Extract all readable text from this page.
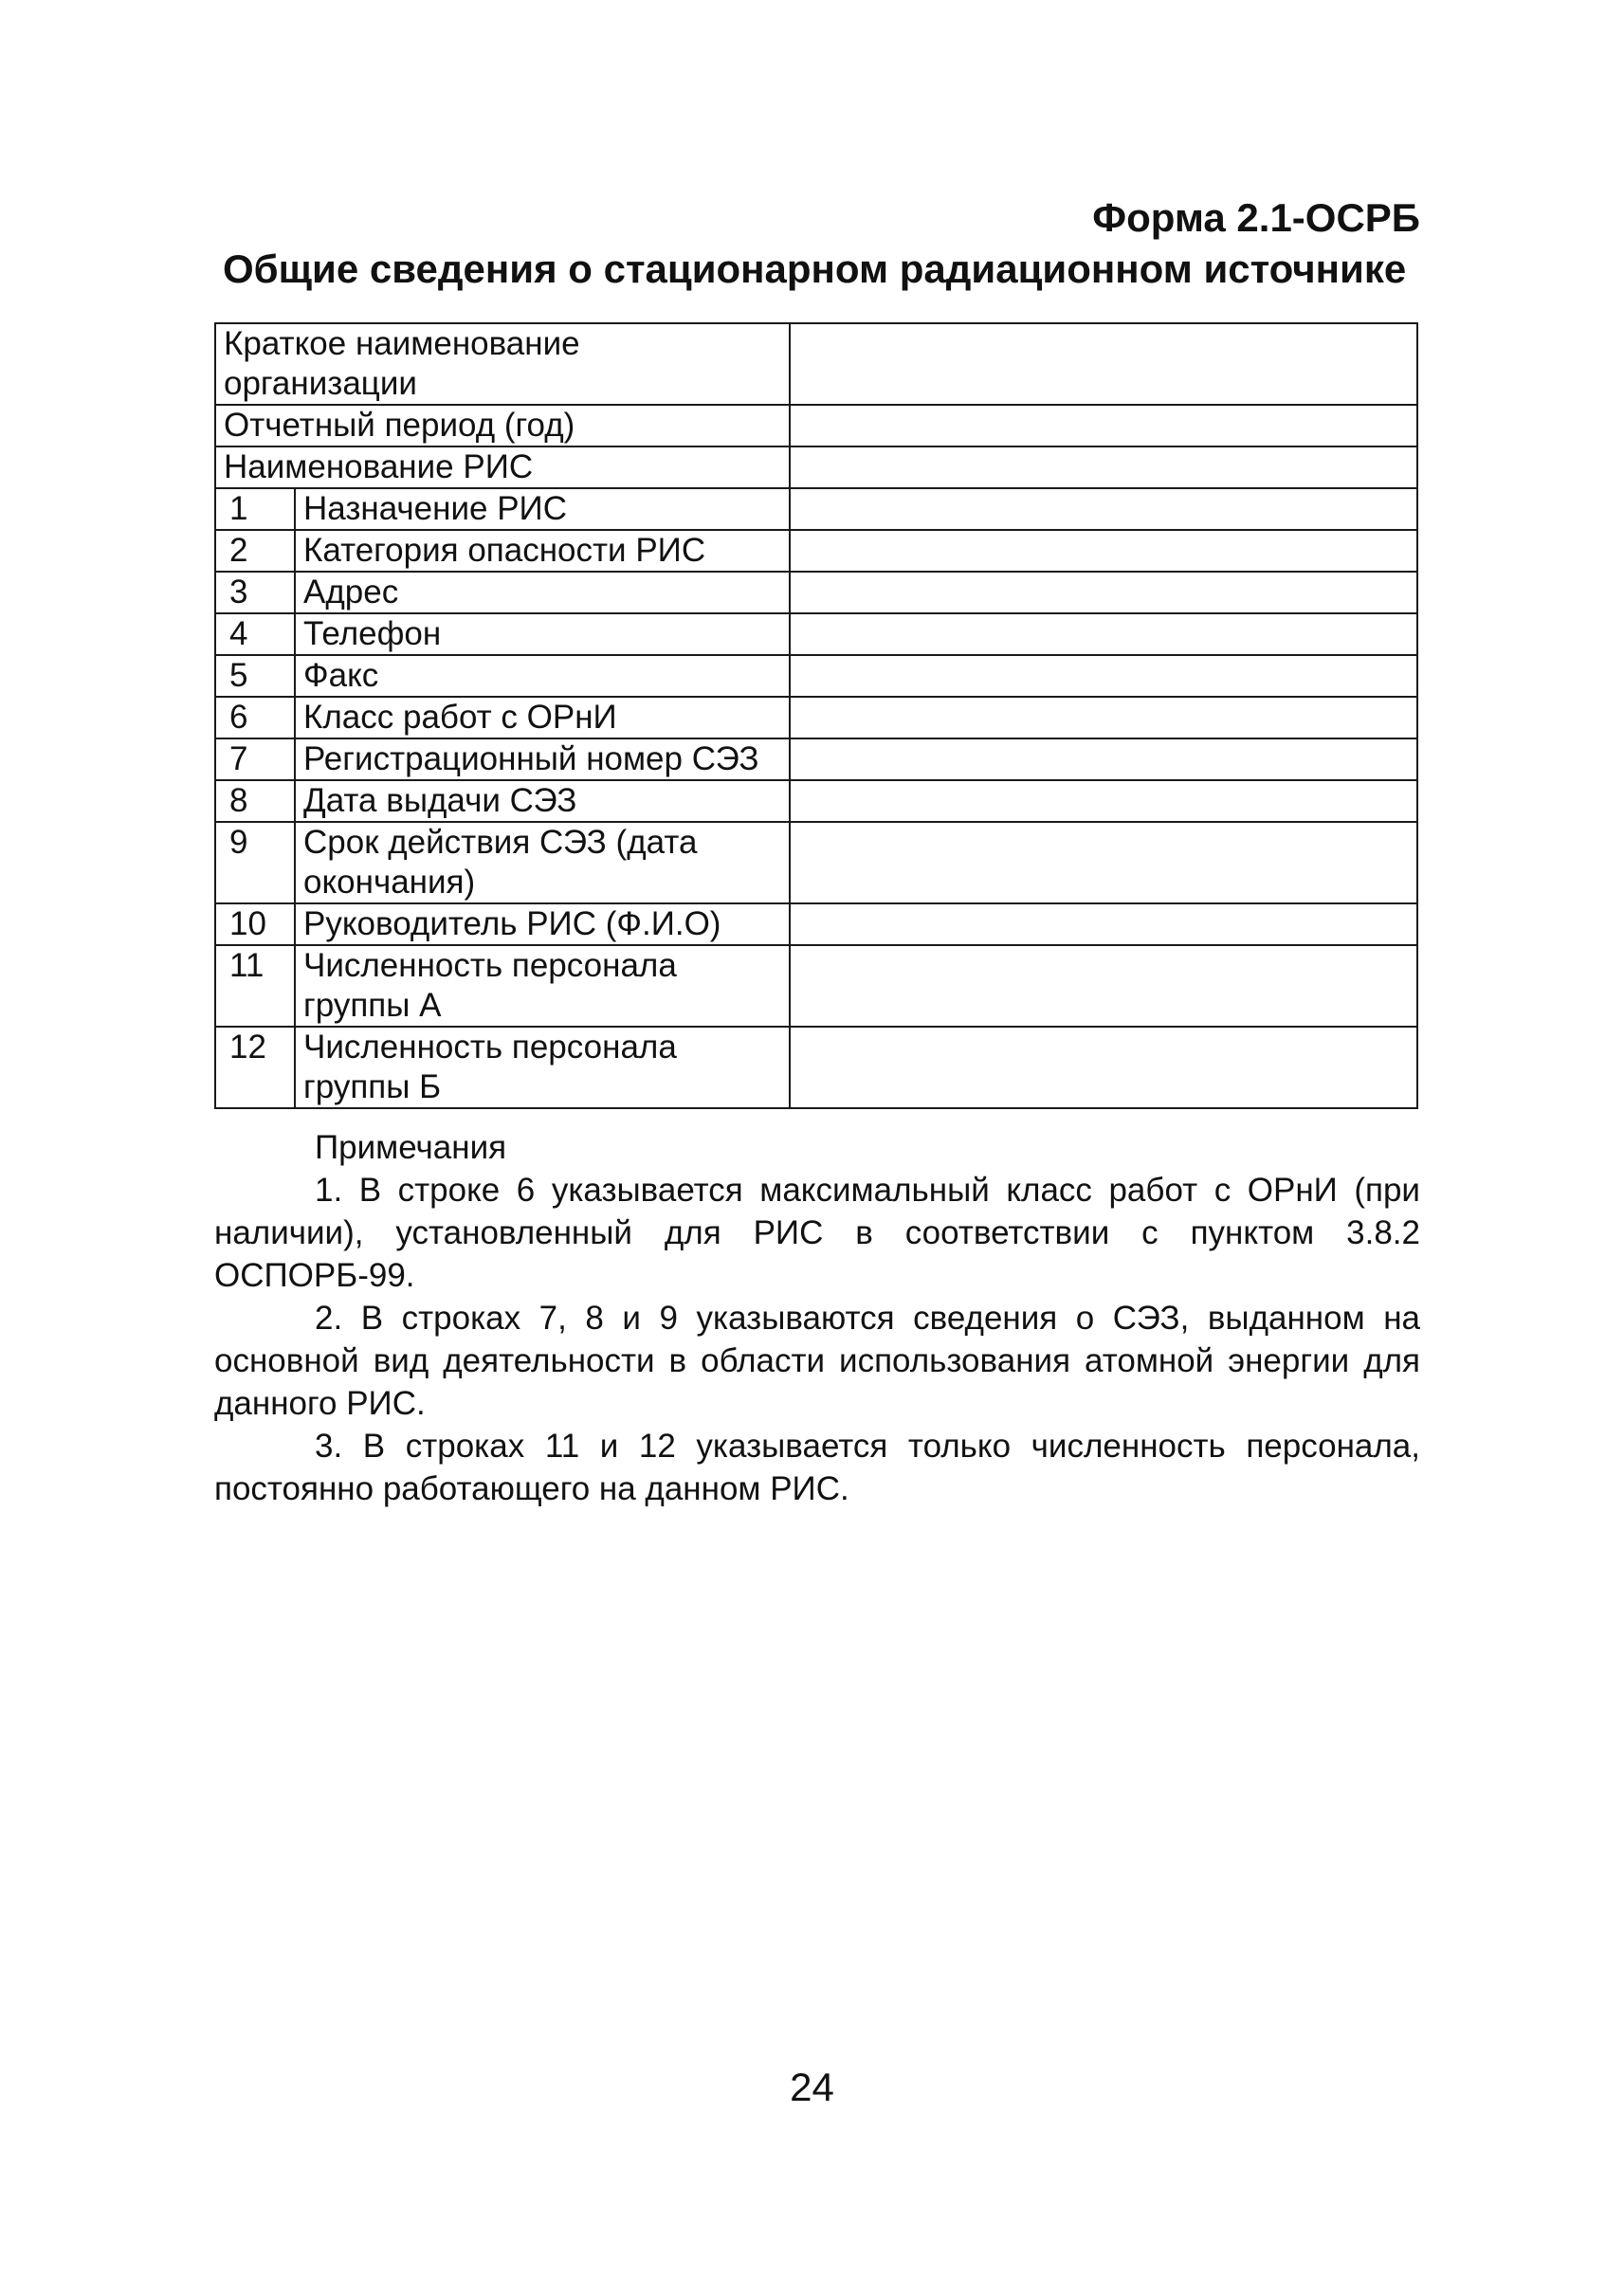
Форма 2.1-ОСРБ
Общие сведения о стационарном радиационном источнике
Краткое наименование организации		
Отчетный период (год)		
Наименование РИС		
1	Назначение РИС	
2	Категория опасности РИС	
3	Адрес	
4	Телефон	
5	Факс	
6	Класс работ с ОРнИ	
7	Регистрационный номер СЭЗ	
8	Дата выдачи СЭЗ	
9	Срок действия СЭЗ (дата окончания)	
10	Руководитель РИС (Ф.И.О)	
11	Численность персонала группы А	
12	Численность персонала группы Б	

Примечания

1. В строке 6 указывается максимальный класс работ с ОРнИ (при наличии), установленный для РИС в соответствии с пунктом 3.8.2 ОСПОРБ-99.

2. В строках 7, 8 и 9 указываются сведения о СЭЗ, выданном на основной вид деятельности в области использования атомной энергии для данного РИС.

3. В строках 11 и 12 указывается только численность персонала, постоянно работающего на данном РИС.

24
